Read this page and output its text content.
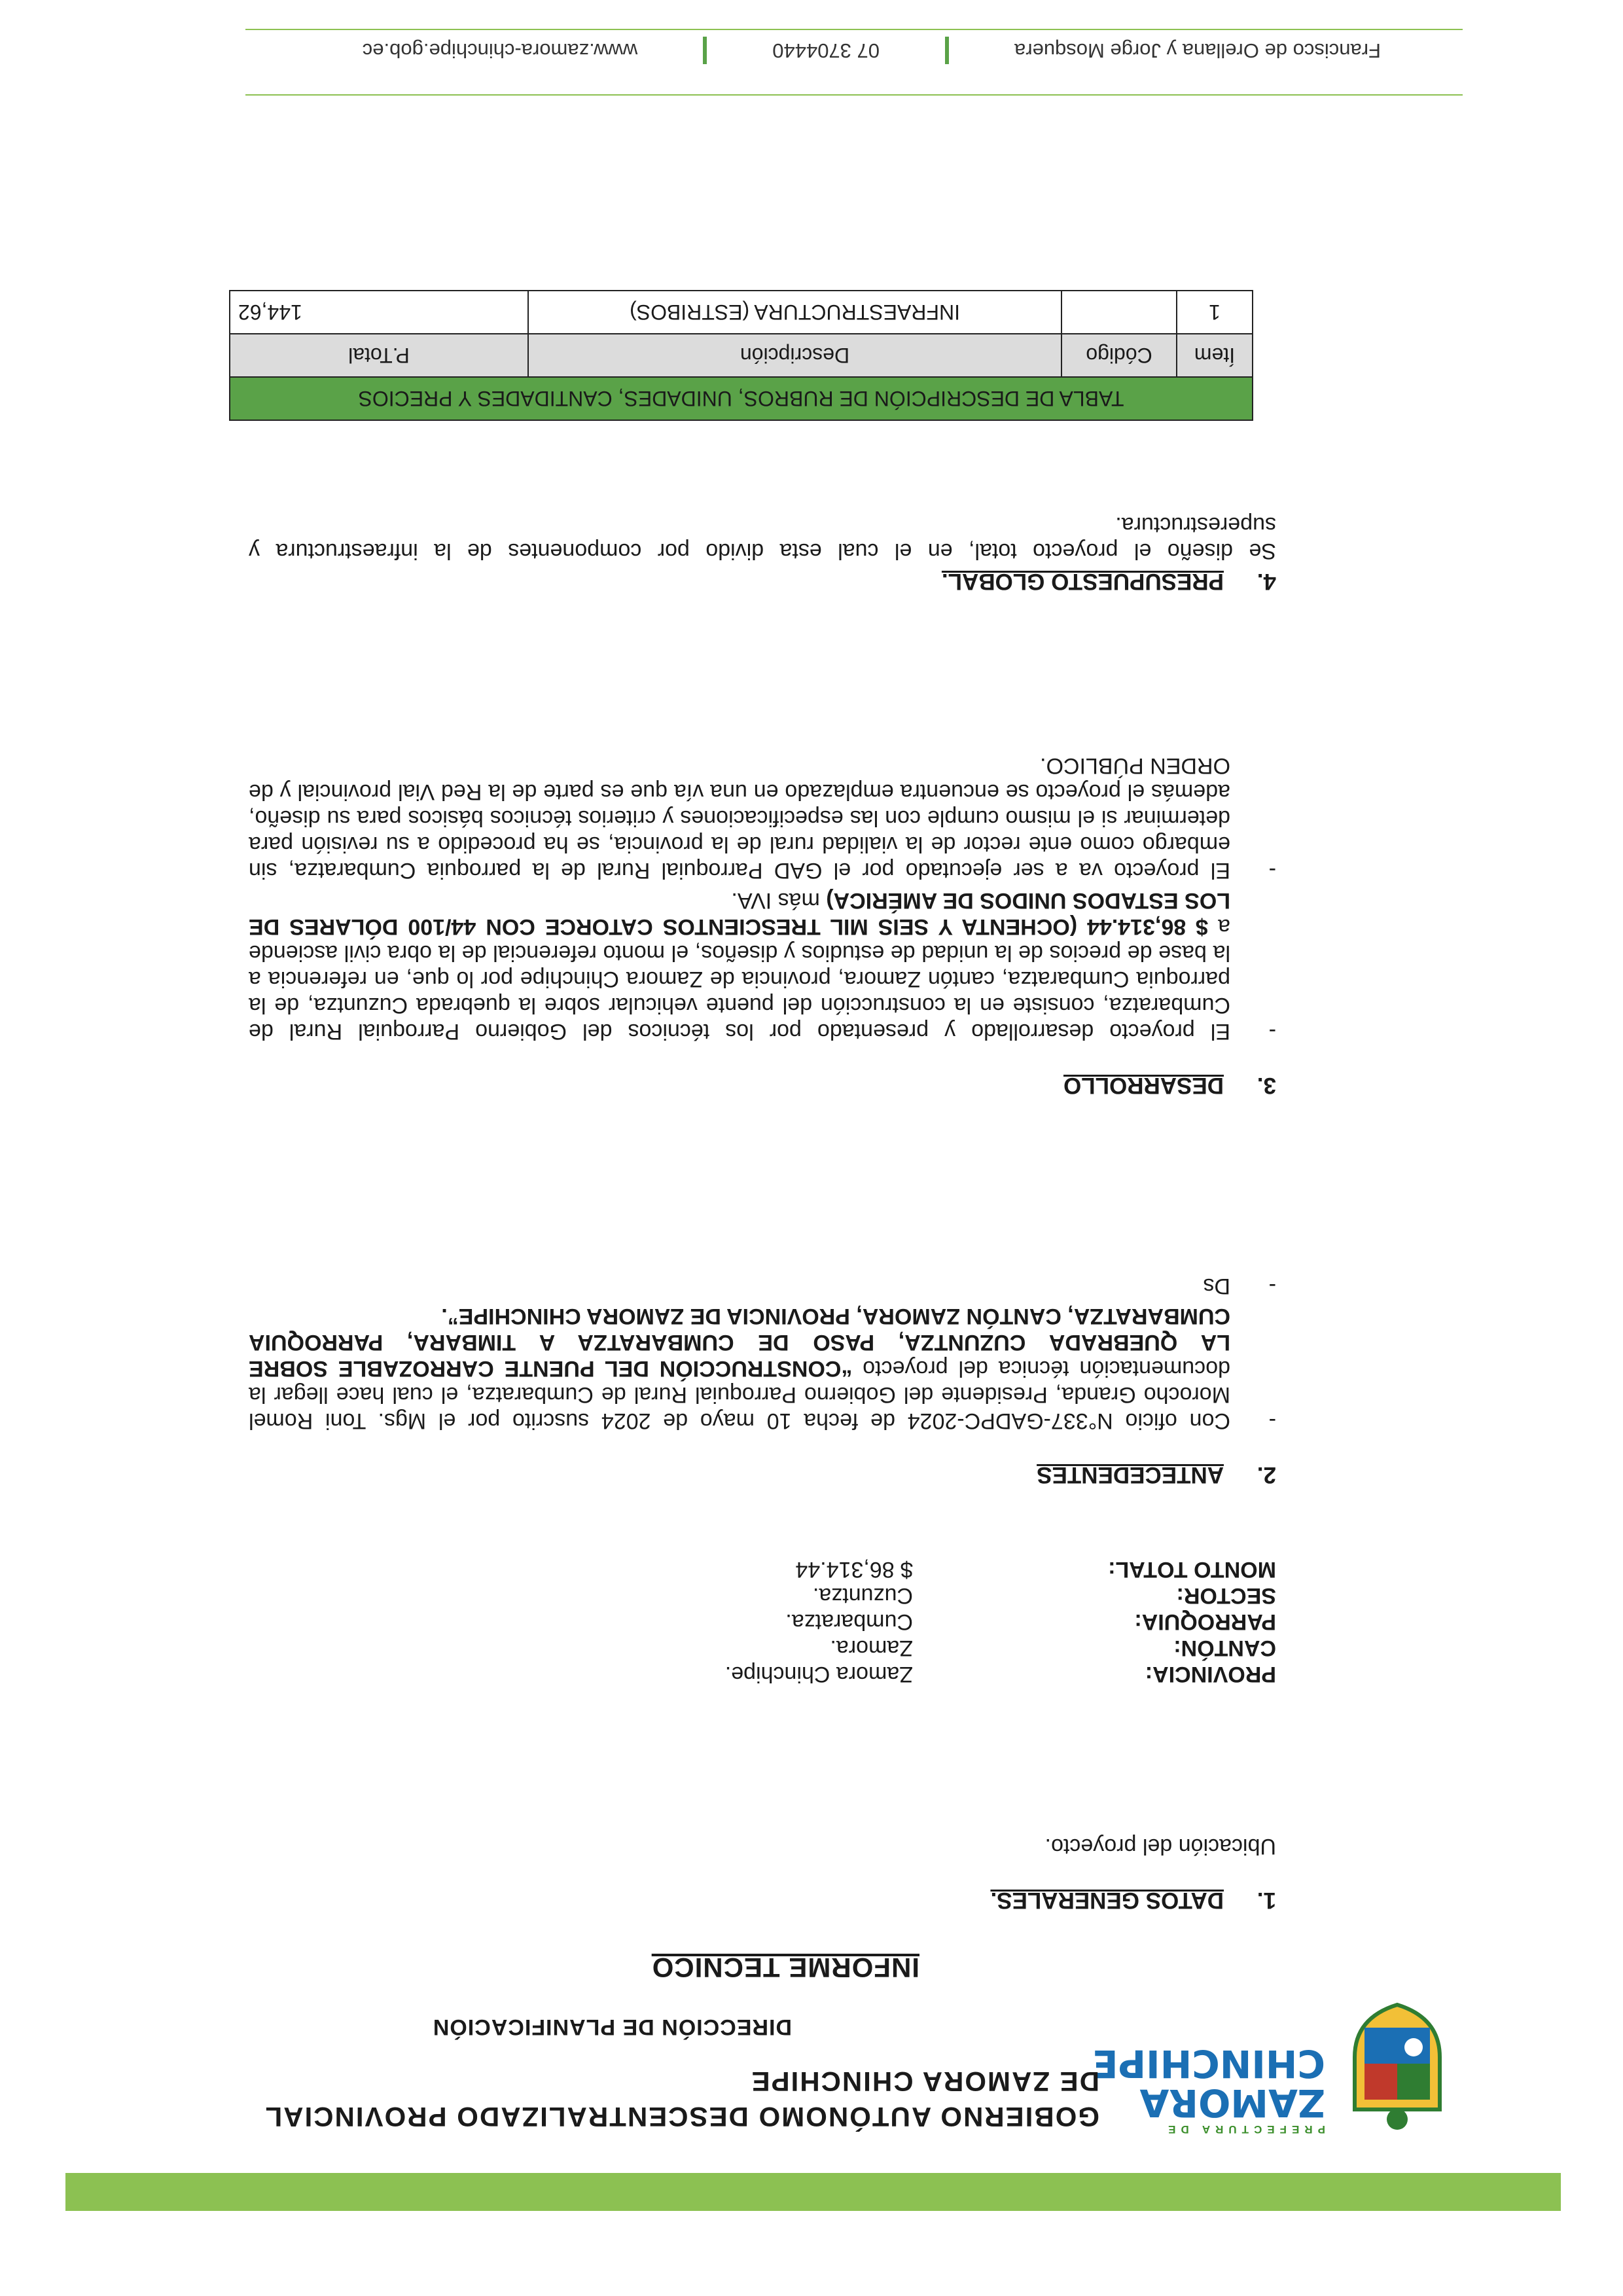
PREFECTURA DE
ZAMORA
CHINCHIPE
GOBIERNO AUTÓNOMO DESCENTRALIZADO PROVINCIAL
DE ZAMORA CHINCHIPE
DIRECCIÓN DE PLANIFICACIÓN
INFORME TECNICO
1.DATOS GENERALES.
Ubicación del proyecto.
PROVINCIA:
Zamora Chinchipe.
CANTÓN:
Zamora.
PARROQUIA:
Cumbaratza.
SECTOR:
Cuzuntza.
MONTO TOTAL:
$ 86,314.44
2.ANTECEDENTES
-
Con oficio N°337-GADPC-2024 de fecha 10 mayo de 2024 suscrito por el Mgs. Toni Romel Morocho Granda, Presidente del Gobierno Parroquial Rural de Cumbaratza, el cual hace llegar la documentación técnica del proyecto “CONSTRUCCIÓN DEL PUENTE CARROZABLE SOBRE LA QUEBRADA CUZUNTZA, PASO DE CUMBARATZA A TIMBARA, PARROQUIA CUMBARATZA, CANTÓN ZAMORA, PROVINCIA DE ZAMORA CHINCHIPE”.
-
Ds
3.DESARROLLO
-
El proyecto desarrollado y presentado por los técnicos del Gobierno Parroquial Rural de Cumbaratza, consiste en la construcción del puente vehicular sobre la quebrada Cuzuntza, de la parroquia Cumbaratza, cantón Zamora, provincia de Zamora Chinchipe por lo que, en referencia a la base de precios de la unidad de estudios y diseños, el monto referencial de la obra civil asciende a $ 86,314.44 (OCHENTA Y SEIS MIL TRESCIENTOS CATORCE CON 44/100 DÓLARES DE LOS ESTADOS UNIDOS DE AMÉRICA) más IVA.
-
El proyecto va a ser ejecutado por el GAD Parroquial Rural de la parroquia Cumbaratza, sin embargo como ente rector de la vialidad rural de la provincia, se ha procedido a su revisión para determinar si el mismo cumple con las especificaciones y criterios técnicos básicos para su diseño, además el proyecto se encuentra emplazado en una vía que es parte de la Red Vial provincial y de ORDEN PÚBLICO.
4.PRESUPUESTO GLOBAL.
Se diseño el proyecto total, en el cual esta divido por componentes de la infraestructura y superestructura.
TABLA DE DESCRIPCIÓN DE RUBROS, UNIDADES, CANTIDADES Y PRECIOS			
Ítem	Código	Descripción	P.Total
1		INFRAESTRUCTURA (ESTRIBOS)	144,62
Francisco de Orellana y Jorge Mosquera
07 3704440
www.zamora-chinchipe.gob.ec
